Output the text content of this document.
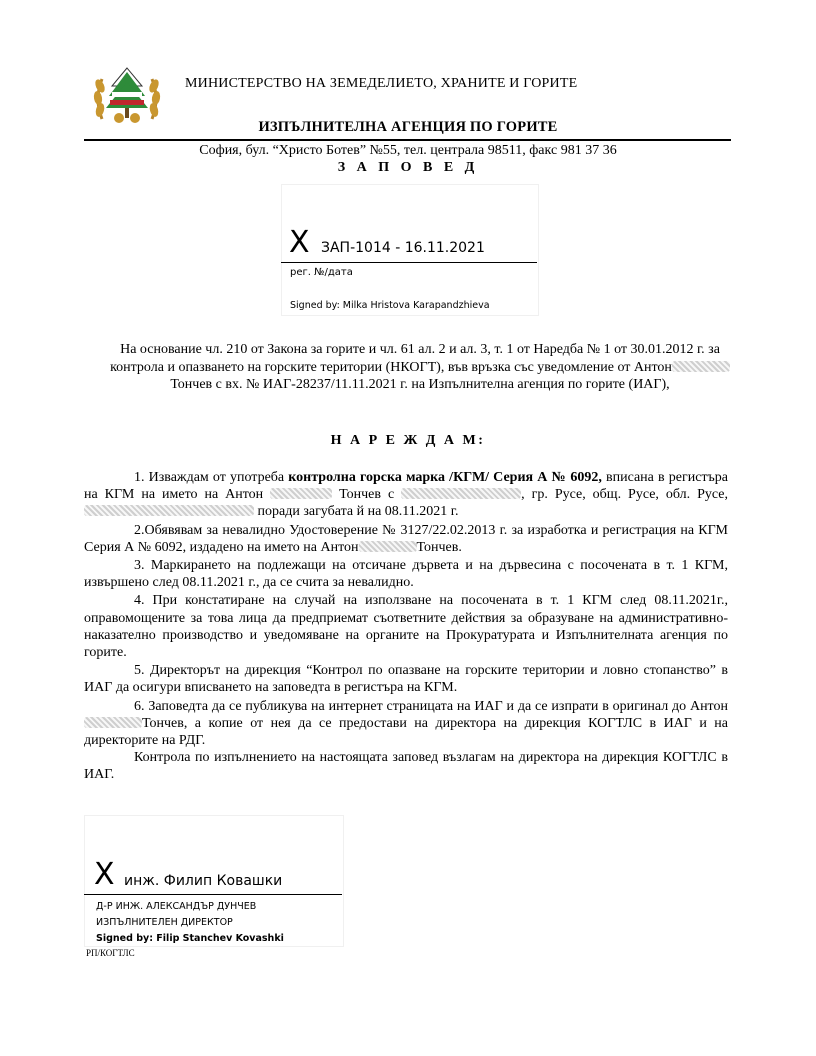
МИНИСТЕРСТВО НА ЗЕМЕДЕЛИЕТО, ХРАНИТЕ И ГОРИТЕ
ИЗПЪЛНИТЕЛНА АГЕНЦИЯ ПО ГОРИТЕ
София, бул. “Христо Ботев” №55, тел. централа 98511, факс 981 37 36
З А П О В Е Д
X ЗАП-1014 - 16.11.2021
рег. №/дата
Signed by: Milka Hristova Karapandzhieva
На основание чл. 210 от Закона за горите и чл. 61 ал. 2 и ал. 3, т. 1 от Наредба № 1 от 30.01.2012 г. за контрола и опазването на горските територии (НКОГТ), във връзка със уведомление от АнтонТончев с вх. № ИАГ-28237/11.11.2021 г. на Изпълнителна агенция по горите (ИАГ),
Н А Р Е Ж Д А М:

1. Изваждам от употреба контролна горска марка /КГМ/ Серия А № 6092, вписана в регистъра на КГМ на името на Антон	Тончев с	, гр. Русе, общ. Русе, обл. Русе,  поради загубата й на 08.11.2021 г.

2.Обявявам за невалидно Удостоверение № 3127/22.02.2013 г. за изработка и регистрация на КГМ Серия А № 6092, издадено на името на Антон	Тончев.

3. Маркирането на подлежащи на отсичане дървета и на дървесина с посочената в т. 1 КГМ, извършено след 08.11.2021 г., да се счита за невалидно.

4. При констатиране на случай на използване на посочената в т. 1 КГМ след 08.11.2021г., оправомощените за това лица да предприемат съответните действия за образуване на административно-наказателно производство и уведомяване на органите на Прокуратурата и Изпълнителната агенция по горите.

5. Директорът на дирекция “Контрол по опазване на горските територии и ловно стопанство” в ИАГ да осигури вписването на заповедта в регистъра на КГМ.

6. Заповедта да се публикува на интернет страницата на ИАГ и да се изпрати в оригинал до АнтонТончев, а копие от нея да се предостави на директора на дирекция КОГТЛС в ИАГ и на директорите на РДГ.

Контрола по изпълнението на настоящата заповед възлагам на директора на дирекция КОГТЛС в ИАГ.

X инж. Филип Ковашки
Д-Р ИНЖ. АЛЕКСАНДЪР ДУНЧЕВ
ИЗПЪЛНИТЕЛЕН ДИРЕКТОР
Signed by: Filip Stanchev Kovashki
РП/КОГТЛС
